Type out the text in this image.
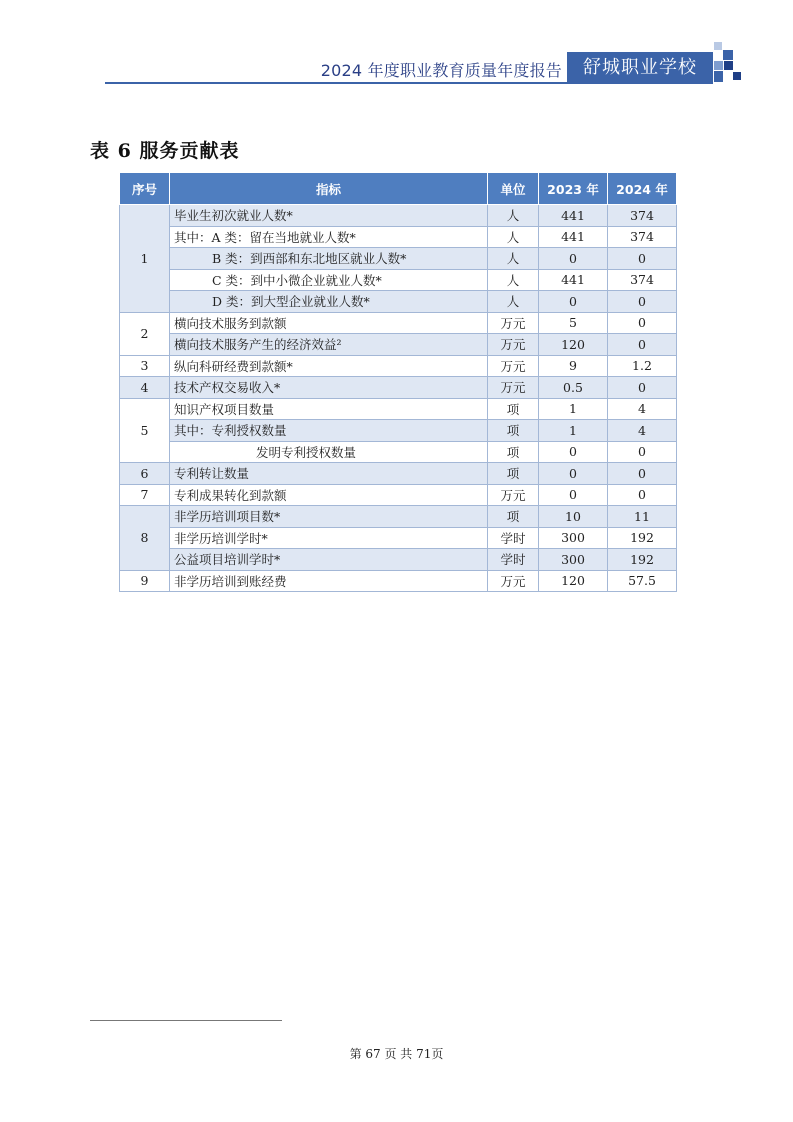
2024 年度职业教育质量年度报告	舒城职业学校
表 6 服务贡献表
序号	指标	单位	2023 年	2024 年
1	毕业生初次就业人数*	人	441	374
	其中：A 类：留在当地就业人数*	人	441	374
	B 类：到西部和东北地区就业人数*	人	0	0
	C 类：到中小微企业就业人数*	人	441	374
	D 类：到大型企业就业人数*	人	0	0
2	横向技术服务到款额	万元	5	0
	横向技术服务产生的经济效益²	万元	120	0
3	纵向科研经费到款额*	万元	9	1.2
4	技术产权交易收入*	万元	0.5	0
5	知识产权项目数量	项	1	4
	其中：专利授权数量	项	1	4
	发明专利授权数量	项	0	0
6	专利转让数量	项	0	0
7	专利成果转化到款额	万元	0	0
8	非学历培训项目数*	项	10	11
	非学历培训学时*	学时	300	192
	公益项目培训学时*	学时	300	192
9	非学历培训到账经费	万元	120	57.5
第 67 页 共 71页
